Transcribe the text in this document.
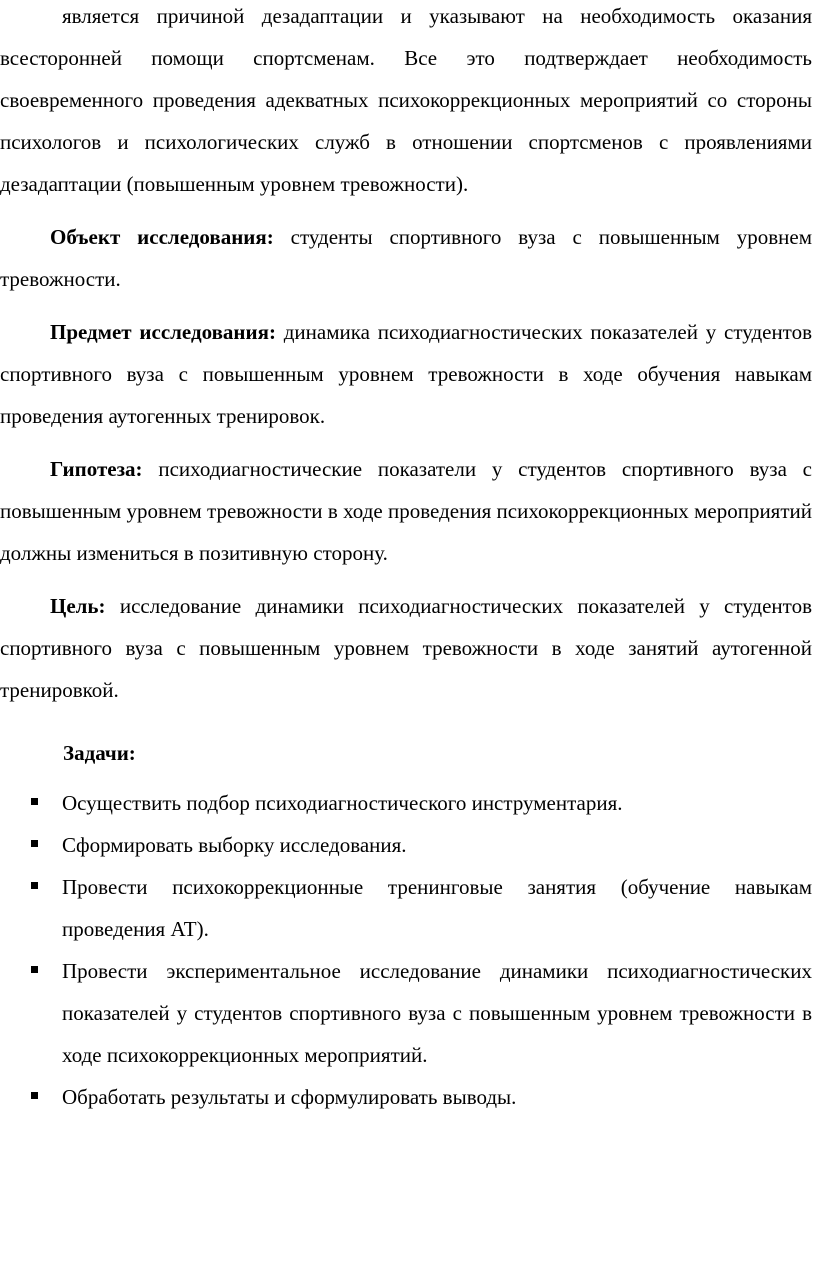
является причиной дезадаптации и указывают на необходимость оказания всесторонней помощи спортсменам. Все это подтверждает необходимость своевременного проведения адекватных психокоррекционных мероприятий со стороны психологов и психологических служб в отношении спортсменов с проявлениями дезадаптации (повышенным уровнем тревожности).

Объект исследования: студенты спортивного вуза с повышенным уровнем тревожности.

Предмет исследования: динамика психодиагностических показателей у студентов спортивного вуза с повышенным уровнем тревожности в ходе обучения навыкам проведения аутогенных тренировок.

Гипотеза: психодиагностические показатели у студентов спортивного вуза с повышенным уровнем тревожности в ходе проведения психокоррекционных мероприятий должны измениться в позитивную сторону.

Цель: исследование динамики психодиагностических показателей у студентов спортивного вуза с повышенным уровнем тревожности в ходе занятий аутогенной тренировкой.

Задачи:
Осуществить подбор психодиагностического инструментария.
Сформировать выборку исследования.
Провести психокоррекционные тренинговые занятия (обучение навыкам проведения АТ).
Провести экспериментальное исследование динамики психодиагностических показателей у студентов спортивного вуза с повышенным уровнем тревожности в ходе психокоррекционных мероприятий.
Обработать результаты и сформулировать выводы.
